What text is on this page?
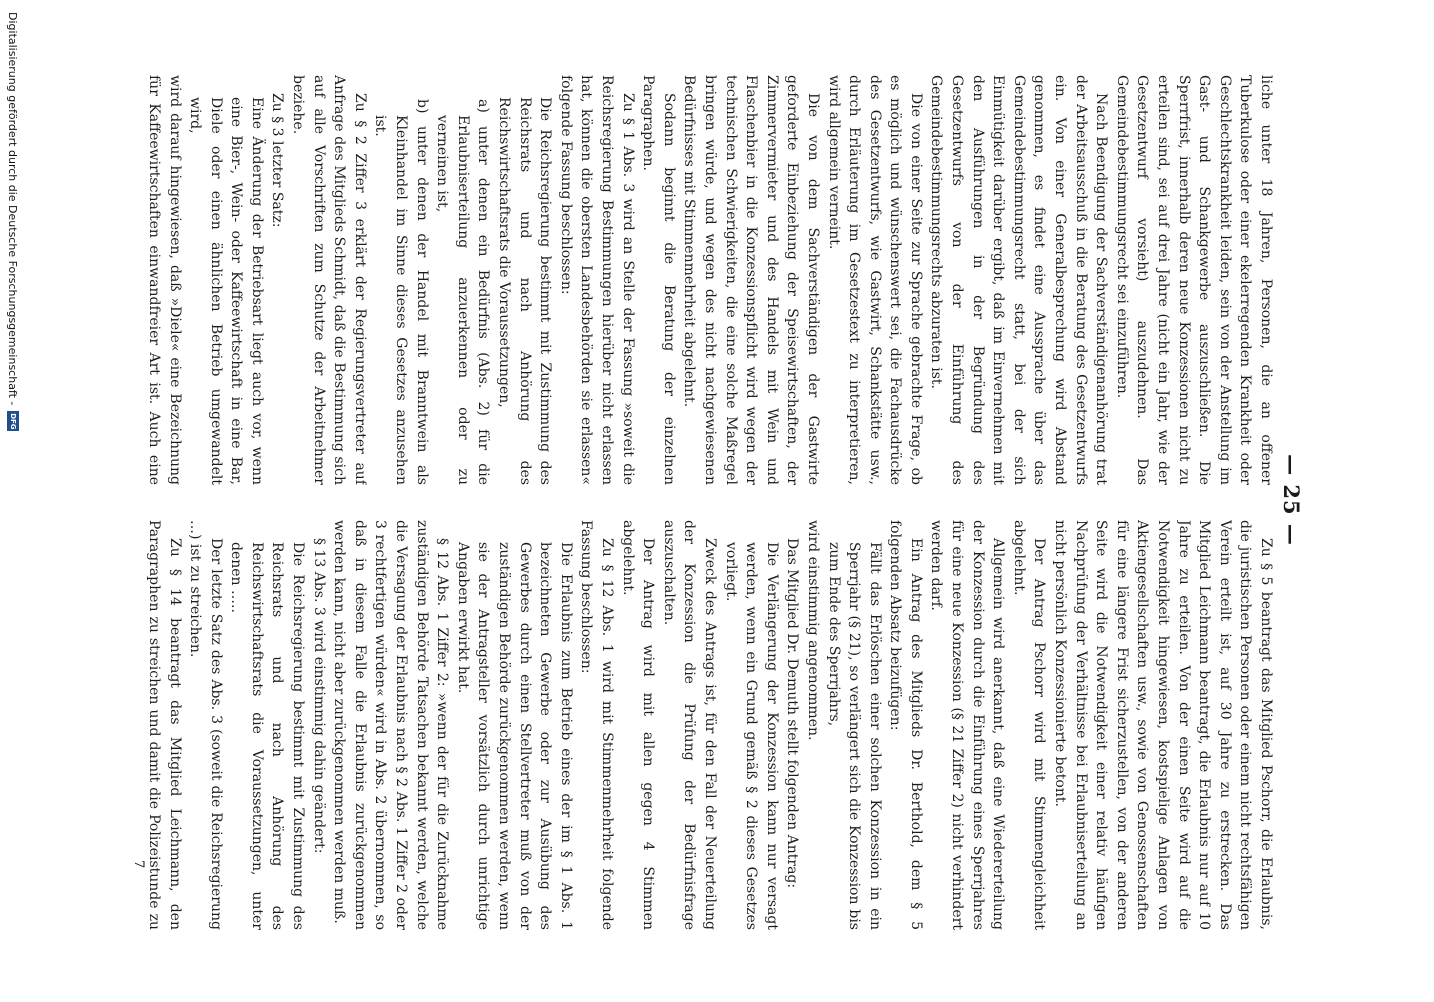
— 25 —

liche unter 18 Jahren, Personen, die an offener Tuberkulose oder einer ekelerregenden Krankheit oder Geschlechtskrankheit leiden, sein von der Anstellung im Gast- und Schankgewerbe auszuschließen. Die Sperrfrist, innerhalb deren neue Konzessionen nicht zu erteilen sind, sei auf drei Jahre (nicht ein Jahr, wie der Gesetzentwurf vorsieht) auszudehnen. Das Gemeindebestimmungsrecht sei einzuführen.

Nach Beendigung der Sachverständigenanhörung trat der Arbeitsausschuß in die Beratung des Gesetzentwurfs ein. Von einer Generalbesprechung wird Abstand genommen, es findet eine Aussprache über das Gemeindebestimmungsrecht statt, bei der sich Einmütigkeit darüber ergibt, daß im Einvernehmen mit den Ausführungen in der Begründung des Gesetzentwurfs von der Einführung des Gemeindebestimmungsrechts abzuraten ist.

Die von einer Seite zur Sprache gebrachte Frage, ob es möglich und wünschenswert sei, die Fachausdrücke des Gesetzentwurfs, wie Gastwirt, Schankstätte usw., durch Erläuterung im Gesetzestext zu interpretieren, wird allgemein verneint.

Die von dem Sachverständigen der Gastwirte geforderte Einbeziehung der Speisewirtschaften, der Zimmervermieter und des Handels mit Wein und Flaschenbier in die Konzessionspflicht wird wegen der technischen Schwierigkeiten, die eine solche Maßregel bringen würde, und wegen des nicht nachgewiesenen Bedürfnisses mit Stimmenmehrheit abgelehnt.

Sodann beginnt die Beratung der einzelnen Paragraphen.

Zu § 1 Abs. 3 wird an Stelle der Fassung »soweit die Reichsregierung Bestimmungen hierüber nicht erlassen hat, können die obersten Landesbehörden sie erlassen« folgende Fassung beschlossen:

Die Reichsregierung bestimmt mit Zustimmung des Reichsrats und nach Anhörung des Reichswirtschaftsrats die Voraussetzungen,

a) unter denen ein Bedürfnis (Abs. 2) für die Erlaubniserteilung anzuerkennen oder zu verneinen ist,

b) unter denen der Handel mit Branntwein als Kleinhandel im Sinne dieses Gesetzes anzusehen ist.

Zu § 2 Ziffer 3 erklärt der Regierungsvertreter auf Anfrage des Mitglieds Schmidt, daß die Bestimmung sich auf alle Vorschriften zum Schutze der Arbeitnehmer beziehe.

Zu § 3 letzter Satz:

Eine Änderung der Betriebsart liegt auch vor, wenn eine Bier-, Wein- oder Kaffeewirtschaft in eine Bar, Diele oder einen ähnlichen Betrieb umgewandelt wird,

wird darauf hingewiesen, daß »Diele« eine Bezeichnung für Kaffeewirtschaften einwandfreier Art ist. Auch eine

Zu § 5 beantragt das Mitglied Pschorr, die Erlaubnis, die juristischen Personen oder einem nicht rechtsfähigen Verein erteilt ist, auf 30 Jahre zu erstrecken. Das Mitglied Leichmann beantragt, die Erlaubnis nur auf 10 Jahre zu erteilen. Von der einen Seite wird auf die Notwendigkeit hingewiesen, kostspielige Anlagen von Aktiengesellschaften usw., sowie von Genossenschaften für eine längere Frist sicherzustellen, von der anderen Seite wird die Notwendigkeit einer relativ häufigen Nachprüfung der Verhältnisse bei Erlaubniserteilung an nicht persönlich Konzessionierte betont.

Der Antrag Pschorr wird mit Stimmengleichheit abgelehnt.

Allgemein wird anerkannt, daß eine Wiedererteilung der Konzession durch die Einführung eines Sperrjahres für eine neue Konzession (§ 21 Ziffer 2) nicht verhindert werden darf.

Ein Antrag des Mitglieds Dr. Berthold, dem § 5 folgenden Absatz beizufügen:

Fällt das Erlöschen einer solchen Konzession in ein Sperrjahr (§ 21), so verlängert sich die Konzession bis zum Ende des Sperrjahrs,

wird einstimmig angenommen.

Das Mitglied Dr. Demuth stellt folgenden Antrag:

Die Verlängerung der Konzession kann nur versagt werden, wenn ein Grund gemäß § 2 dieses Gesetzes vorliegt.

Zweck des Antrags ist, für den Fall der Neuerteilung der Konzession die Prüfung der Bedürfnisfrage auszuschalten.

Der Antrag wird mit allen gegen 4 Stimmen abgelehnt.

Zu § 12 Abs. 1 wird mit Stimmenmehrheit folgende Fassung beschlossen:

Die Erlaubnis zum Betrieb eines der im § 1 Abs. 1 bezeichneten Gewerbe oder zur Ausübung des Gewerbes durch einen Stellvertreter muß von der zuständigen Behörde zurückgenommen werden, wenn sie der Antragsteller vorsätzlich durch unrichtige Angaben erwirkt hat.

§ 12 Abs. 1 Ziffer 2: »wenn der für die Zurücknahme zuständigen Behörde Tatsachen bekannt werden, welche die Versagung der Erlaubnis nach § 2 Abs. 1 Ziffer 2 oder 3 rechtfertigen würden« wird in Abs. 2 übernommen, so daß in diesem Falle die Erlaubnis zurückgenommen werden kann, nicht aber zurückgenommen werden muß.

§ 13 Abs. 3 wird einstimmig dahin geändert:

Die Reichsregierung bestimmt mit Zustimmung des Reichsrats und nach Anhörung des Reichswirtschaftsrats die Voraussetzungen, unter denen …..

Der letzte Satz des Abs. 3 (soweit die Reichsregierung …) ist zu streichen.

Zu § 14 beantragt das Mitglied Leichmann, den Paragraphen zu streichen und damit die Polizeistunde zu

7
Digitalisierung gefördert durch die Deutsche Forschungsgemeinschaft -
DFG
